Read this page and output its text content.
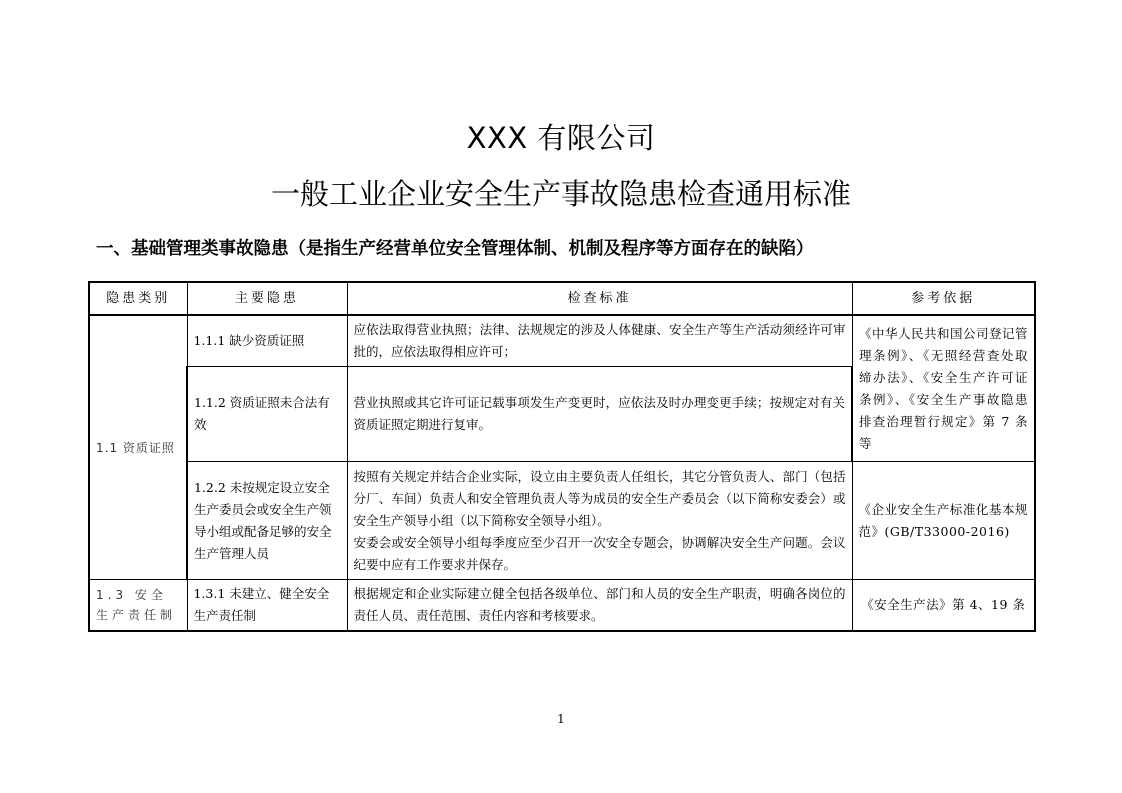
XXX 有限公司
一般工业企业安全生产事故隐患检查通用标准
一、基础管理类事故隐患（是指生产经营单位安全管理体制、机制及程序等方面存在的缺陷）
隐患类别	主要隐患	检查标准	参考依据
1.1 资质证照	1.1.1 缺少资质证照	应依法取得营业执照；法律、法规规定的涉及人体健康、安全生产等生产活动须经许可审批的，应依法取得相应许可；	《中华人民共和国公司登记管理条例》、《无照经营查处取缔办法》、《安全生产许可证条例》、《安全生产事故隐患排查治理暂行规定》第 7 条等
	1.1.2 资质证照未合法有效	营业执照或其它许可证记载事项发生产变更时，应依法及时办理变更手续；按规定对有关资质证照定期进行复审。	

	1.2.2 未按规定设立安全生产委员会或安全生产领导小组或配备足够的安全生产管理人员	按照有关规定并结合企业实际，设立由主要负责人任组长，其它分管负责人、部门（包括分厂、车间）负责人和安全管理负责人等为成员的安全生产委员会（以下简称安委会）或安全生产领导小组（以下简称安全领导小组）。
安委会或安全领导小组每季度应至少召开一次安全专题会，协调解决安全生产问题。会议纪要中应有工作要求并保存。	《企业安全生产标准化基本规范》(GB/T33000-2016)
1.3 安全生产责任制	1.3.1 未建立、健全安全生产责任制	根据规定和企业实际建立健全包括各级单位、部门和人员的安全生产职责，明确各岗位的责任人员、责任范围、责任内容和考核要求。	《安全生产法》第 4、19 条
1
